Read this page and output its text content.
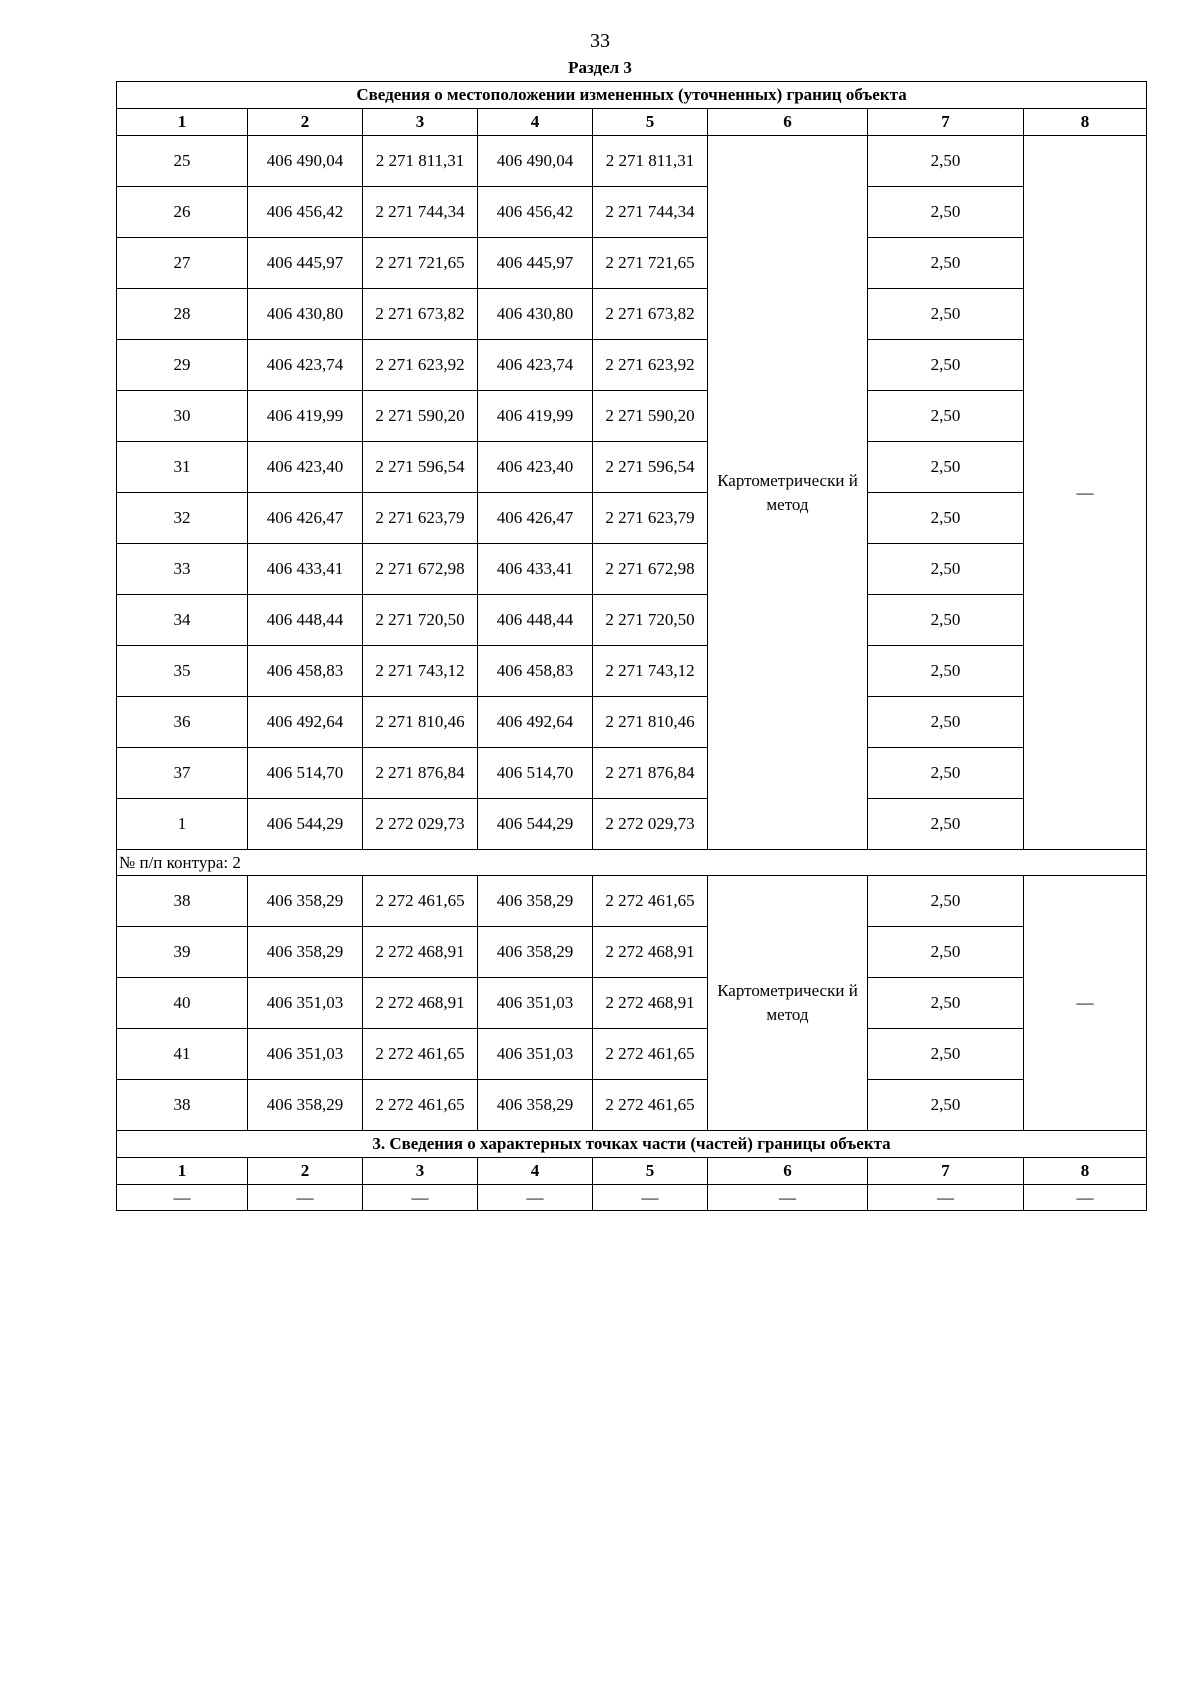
33
Раздел 3
Сведения о местоположении измененных (уточненных) границ объекта							
1	2	3	4	5	6	7	8
25	406 490,04	2 271 811,31	406 490,04	2 271 811,31	Картометрически й метод	2,50	—
26	406 456,42	2 271 744,34	406 456,42	2 271 744,34		2,50	
27	406 445,97	2 271 721,65	406 445,97	2 271 721,65		2,50	
28	406 430,80	2 271 673,82	406 430,80	2 271 673,82		2,50	
29	406 423,74	2 271 623,92	406 423,74	2 271 623,92		2,50	
30	406 419,99	2 271 590,20	406 419,99	2 271 590,20		2,50	
31	406 423,40	2 271 596,54	406 423,40	2 271 596,54		2,50	
32	406 426,47	2 271 623,79	406 426,47	2 271 623,79		2,50	
33	406 433,41	2 271 672,98	406 433,41	2 271 672,98		2,50	
34	406 448,44	2 271 720,50	406 448,44	2 271 720,50		2,50	
35	406 458,83	2 271 743,12	406 458,83	2 271 743,12		2,50	
36	406 492,64	2 271 810,46	406 492,64	2 271 810,46		2,50	
37	406 514,70	2 271 876,84	406 514,70	2 271 876,84		2,50	
1	406 544,29	2 272 029,73	406 544,29	2 272 029,73		2,50	
№ п/п контура: 2							
38	406 358,29	2 272 461,65	406 358,29	2 272 461,65	Картометрически й метод	2,50	—
39	406 358,29	2 272 468,91	406 358,29	2 272 468,91		2,50	
40	406 351,03	2 272 468,91	406 351,03	2 272 468,91		2,50	
41	406 351,03	2 272 461,65	406 351,03	2 272 461,65		2,50	
38	406 358,29	2 272 461,65	406 358,29	2 272 461,65		2,50	
3. Сведения о характерных точках части (частей) границы объекта							
1	2	3	4	5	6	7	8
—	—	—	—	—	—	—	—
